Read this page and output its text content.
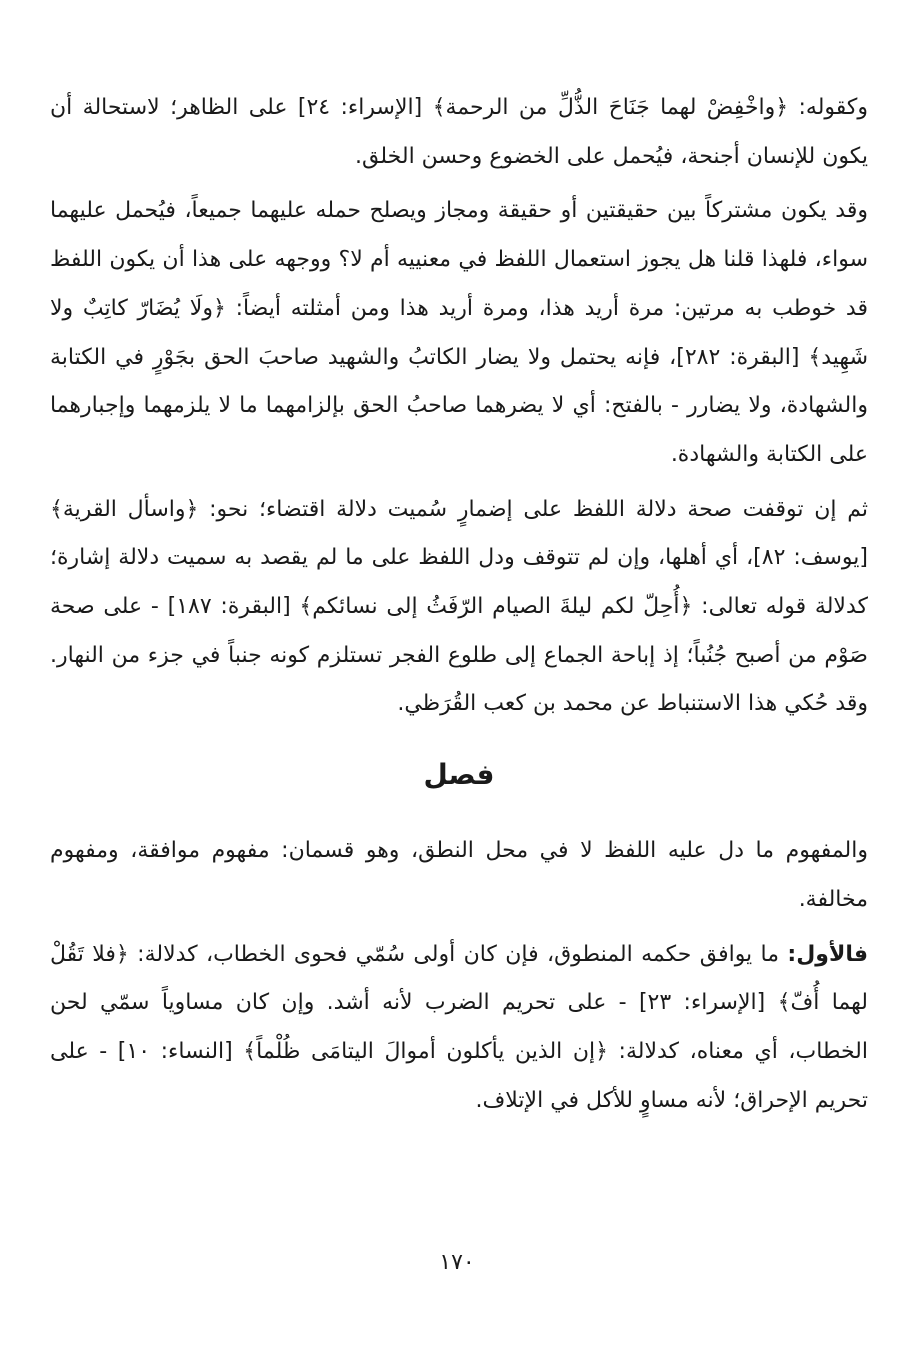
وكقوله: ﴿واخْفِضْ لهما جَنَاحَ الذُّلِّ من الرحمة﴾ [الإسراء: ٢٤] على الظاهر؛ لاستحالة أن يكون للإنسان أجنحة، فيُحمل على الخضوع وحسن الخلق.

وقد يكون مشتركاً بين حقيقتين أو حقيقة ومجاز ويصلح حمله عليهما جميعاً، فيُحمل عليهما سواء، فلهذا قلنا هل يجوز استعمال اللفظ في معنييه أم لا؟ ووجهه على هذا أن يكون اللفظ قد خوطب به مرتين: مرة أريد هذا، ومرة أريد هذا ومن أمثلته أيضاً: ﴿ولَا يُضَارّ كاتِبٌ ولا شَهِيد﴾ [البقرة: ٢٨٢]، فإنه يحتمل ولا يضار الكاتبُ والشهيد صاحبَ الحق بجَوْرٍ في الكتابة والشهادة، ولا يضارر - بالفتح: أي لا يضرهما صاحبُ الحق بإلزامهما ما لا يلزمهما وإجبارهما على الكتابة والشهادة.

ثم إن توقفت صحة دلالة اللفظ على إضمارٍ سُميت دلالة اقتضاء؛ نحو: ﴿واسأل القرية﴾ [يوسف: ٨٢]، أي أهلها، وإن لم تتوقف ودل اللفظ على ما لم يقصد به سميت دلالة إشارة؛ كدلالة قوله تعالى: ﴿أُحِلّ لكم ليلةَ الصيام الرّفَثُ إلى نسائكم﴾ [البقرة: ١٨٧] - على صحة صَوْم من أصبح جُنُباً؛ إذ إباحة الجماع إلى طلوع الفجر تستلزم كونه جنباً في جزء من النهار. وقد حُكي هذا الاستنباط عن محمد بن كعب القُرَظي.

فصل

والمفهوم ما دل عليه اللفظ لا في محل النطق، وهو قسمان: مفهوم موافقة، ومفهوم مخالفة.

فالأول: ما يوافق حكمه المنطوق، فإن كان أولى سُمّي فحوى الخطاب، كدلالة: ﴿فلا تَقُلْ لهما أُفّ﴾ [الإسراء: ٢٣] - على تحريم الضرب لأنه أشد. وإن كان مساوياً سمّي لحن الخطاب، أي معناه، كدلالة: ﴿إن الذين يأكلون أموالَ اليتامَى ظُلْماً﴾ [النساء: ١٠] - على تحريم الإحراق؛ لأنه مساوٍ للأكل في الإتلاف.

١٧٠
